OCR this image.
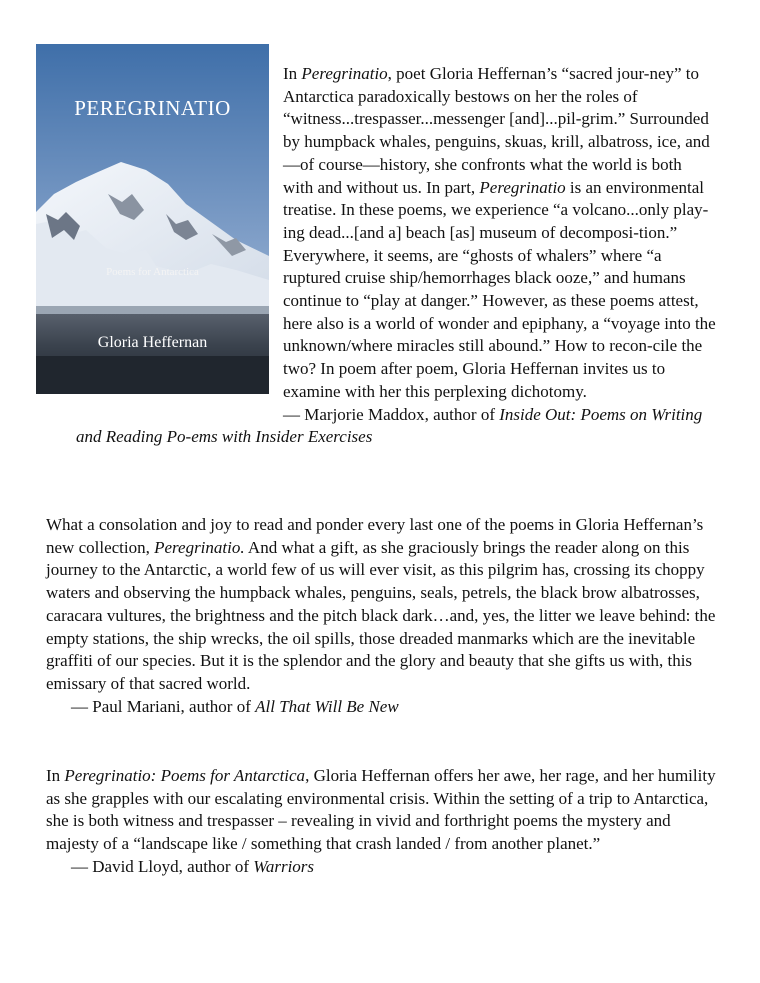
PEREGRINATIO
Poems for Antarctica
Gloria Heffernan

In Peregrinatio, poet Gloria Heffernan’s “sacred jour-ney” to Antarctica paradoxically bestows on her the roles of “witness...trespasser...messenger [and]...pil-grim.” Surrounded by humpback whales, penguins, skuas, krill, albatross, ice, and—of course—history, she confronts what the world is both with and without us. In part, Peregrinatio is an environmental treatise. In these poems, we experience “a volcano...only play-ing dead...[and a] beach [as] museum of decomposi-tion.” Everywhere, it seems, are “ghosts of whalers” where “a ruptured cruise ship/hemorrhages black ooze,” and humans continue to “play at danger.” However, as these poems attest, here also is a world of wonder and epiphany, a “voyage into the unknown/where miracles still abound.” How to recon-cile the two? In poem after poem, Gloria Heffernan invites us to examine with her this perplexing dichotomy.

— Marjorie Maddox, author of Inside Out: Poems on Writing and Reading Po-ems with Insider Exercises

What a consolation and joy to read and ponder every last one of the poems in Gloria Heffernan’s new collection, Peregrinatio. And what a gift, as she graciously brings the reader along on this journey to the Antarctic, a world few of us will ever visit, as this pilgrim has, crossing its choppy waters and observing the humpback whales, penguins, seals, petrels, the black brow albatrosses, caracara vultures, the brightness and the pitch black dark…and, yes, the litter we leave behind: the empty stations, the ship wrecks, the oil spills, those dreaded manmarks which are the inevitable graffiti of our species. But it is the splendor and the glory and beauty that she gifts us with, this emissary of that sacred world.

— Paul Mariani, author of All That Will Be New

In Peregrinatio: Poems for Antarctica, Gloria Heffernan offers her awe, her rage, and her humility as she grapples with our escalating environmental crisis. Within the setting of a trip to Antarctica, she is both witness and trespasser – revealing in vivid and forthright poems the mystery and majesty of a “landscape like / something that crash landed / from another planet.”

— David Lloyd, author of Warriors
